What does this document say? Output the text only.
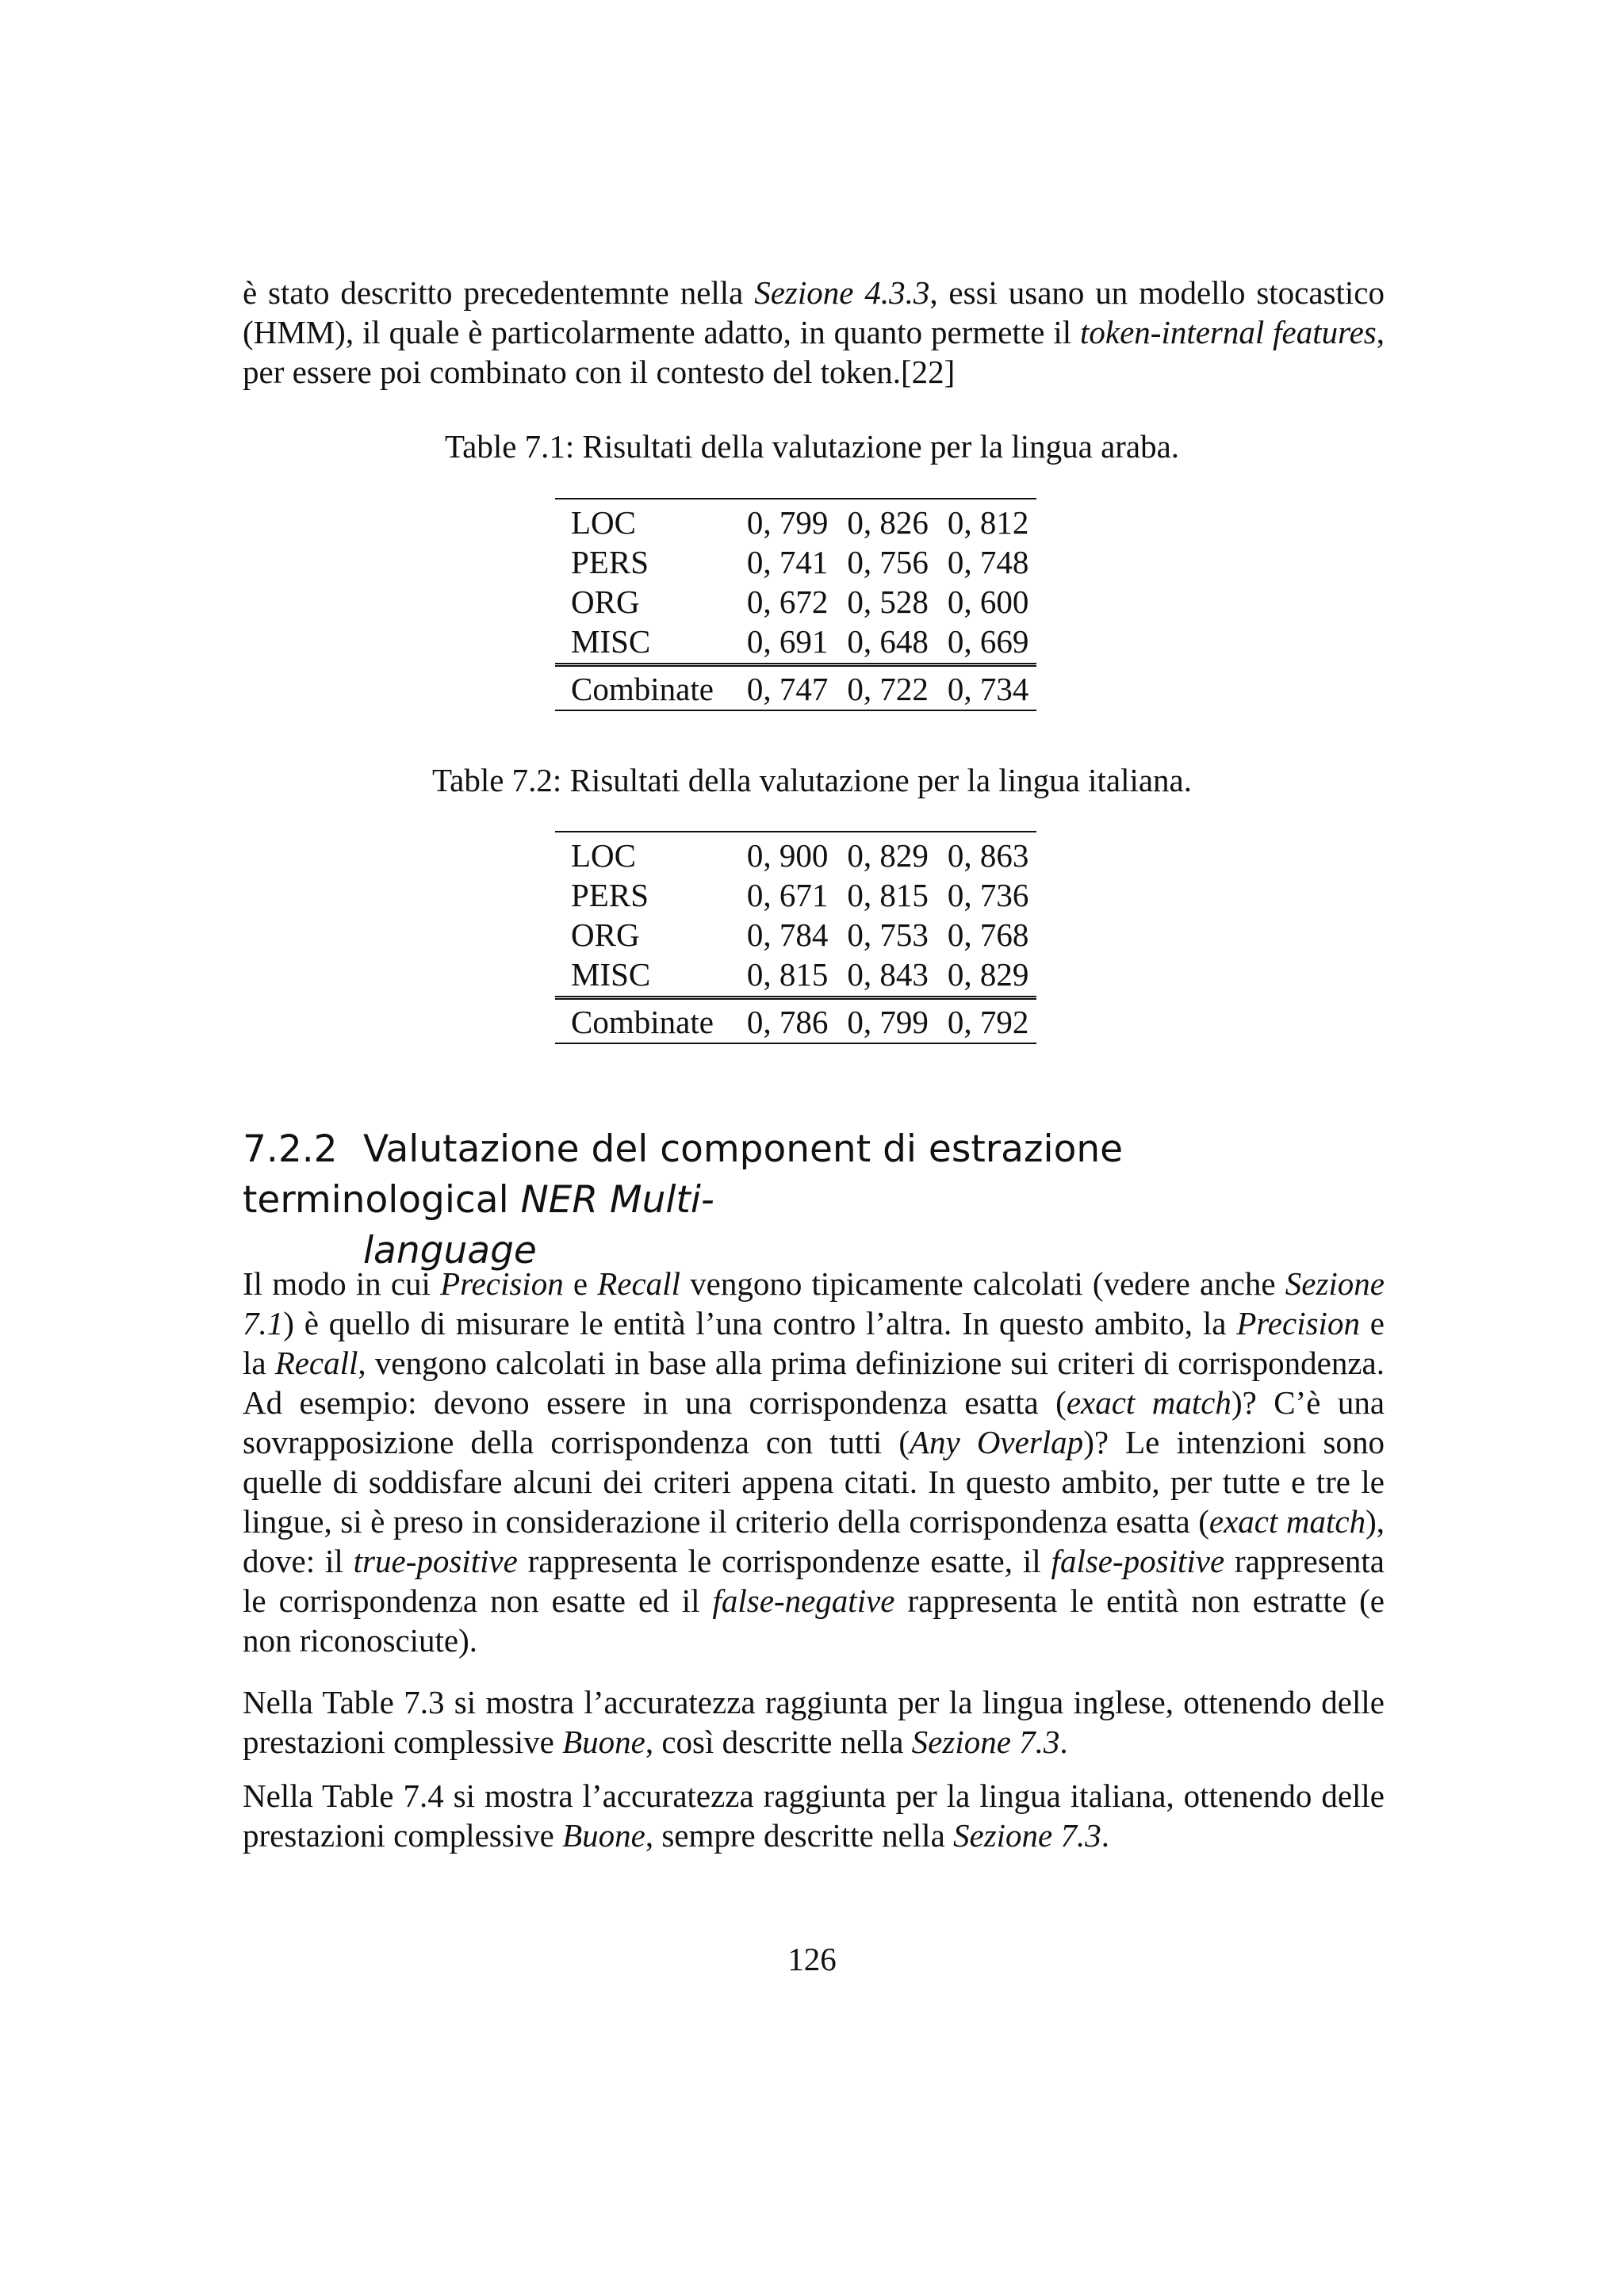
è stato descritto precedentemnte nella Sezione 4.3.3, essi usano un modello stocastico (HMM), il quale è particolarmente adatto, in quanto permette il token-internal features, per essere poi combinato con il contesto del token.[22]

Table 7.1: Risultati della valutazione per la lingua araba.

LOC	0, 799	0, 826	0, 812
PERS	0, 741	0, 756	0, 748
ORG	0, 672	0, 528	0, 600
MISC	0, 691	0, 648	0, 669
Combinate	0, 747	0, 722	0, 734

Table 7.2: Risultati della valutazione per la lingua italiana.

LOC	0, 900	0, 829	0, 863
PERS	0, 671	0, 815	0, 736
ORG	0, 784	0, 753	0, 768
MISC	0, 815	0, 843	0, 829
Combinate	0, 786	0, 799	0, 792
7.2.2 Valutazione del component di estrazione terminological NER Multi-
language

Il modo in cui Precision e Recall vengono tipicamente calcolati (vedere anche Sezione 7.1) è quello di misurare le entità l’una contro l’altra. In questo ambito, la Precision e la Recall, vengono calcolati in base alla prima definizione sui criteri di corrispondenza. Ad esempio: devono essere in una corrispondenza esatta (exact match)? C’è una sovrapposizione della corrispondenza con tutti (Any Overlap)? Le intenzioni sono quelle di soddisfare alcuni dei criteri appena citati. In questo ambito, per tutte e tre le lingue, si è preso in considerazione il criterio della corrispondenza esatta (exact match), dove: il true-positive rappresenta le corrispondenze esatte, il false-positive rappresenta le corrispondenza non esatte ed il false-negative rappresenta le entità non estratte (e non riconosciute).

Nella Table 7.3 si mostra l’accuratezza raggiunta per la lingua inglese, ottenendo delle prestazioni complessive Buone, così descritte nella Sezione 7.3.

Nella Table 7.4 si mostra l’accuratezza raggiunta per la lingua italiana, ottenendo delle prestazioni complessive Buone, sempre descritte nella Sezione 7.3.

126
